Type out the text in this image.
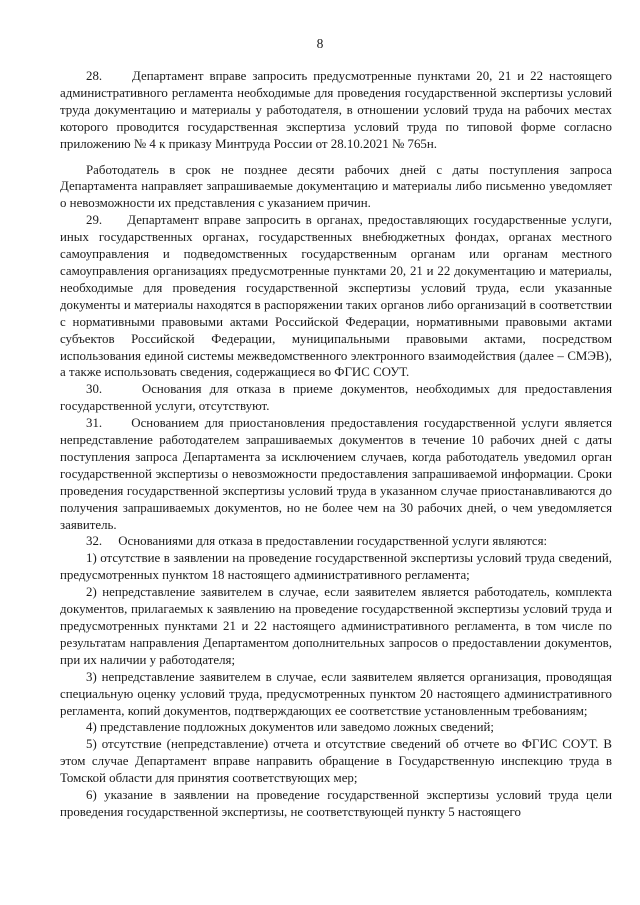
8

28.     Департамент вправе запросить предусмотренные пунктами 20, 21 и 22 настоящего административного регламента необходимые для проведения государственной экспертизы условий труда документацию и материалы у работодателя, в отношении условий труда на рабочих местах которого проводится государственная экспертиза условий труда по типовой форме согласно приложению № 4 к приказу Минтруда России от 28.10.2021 № 765н.

Работодатель в срок не позднее десяти рабочих дней с даты поступления запроса Департамента направляет запрашиваемые документацию и материалы либо письменно уведомляет о невозможности их представления с указанием причин.

29.     Департамент вправе запросить в органах, предоставляющих государственные услуги, иных государственных органах, государственных внебюджетных фондах, органах местного самоуправления и подведомственных государственным органам или органам местного самоуправления организациях предусмотренные пунктами 20, 21 и 22 документацию и материалы, необходимые для проведения государственной экспертизы условий труда, если указанные документы и материалы находятся в распоряжении таких органов либо организаций в соответствии с нормативными правовыми актами Российской Федерации, нормативными правовыми актами субъектов Российской Федерации, муниципальными правовыми актами, посредством использования единой системы межведомственного электронного взаимодействия (далее – СМЭВ), а также использовать сведения, содержащиеся во ФГИС СОУТ.

30.     Основания для отказа в приеме документов, необходимых для предоставления государственной услуги, отсутствуют.

31.     Основанием для приостановления предоставления государственной услуги является непредставление работодателем запрашиваемых документов в течение 10 рабочих дней с даты поступления запроса Департамента за исключением случаев, когда работодатель уведомил орган государственной экспертизы о невозможности предоставления запрашиваемой информации. Сроки проведения государственной экспертизы условий труда в указанном случае приостанавливаются до получения запрашиваемых документов, но не более чем на 30 рабочих дней, о чем уведомляется заявитель.

32.     Основаниями для отказа в предоставлении государственной услуги являются:

1) отсутствие в заявлении на проведение государственной экспертизы условий труда сведений, предусмотренных пунктом 18 настоящего административного регламента;

2) непредставление заявителем в случае, если заявителем является работодатель, комплекта документов, прилагаемых к заявлению на проведение государственной экспертизы условий труда и предусмотренных пунктами 21 и 22 настоящего административного регламента, в том числе по результатам направления Департаментом дополнительных запросов о предоставлении документов, при их наличии у работодателя;

3) непредставление заявителем в случае, если заявителем является организация, проводящая специальную оценку условий труда, предусмотренных пунктом 20 настоящего административного регламента, копий документов, подтверждающих ее соответствие установленным требованиям;

4) представление подложных документов или заведомо ложных сведений;

5) отсутствие (непредставление) отчета и отсутствие сведений об отчете во ФГИС СОУТ. В этом случае Департамент вправе направить обращение в Государственную инспекцию труда в Томской области для принятия соответствующих мер;

6) указание в заявлении на проведение государственной экспертизы условий труда цели проведения государственной экспертизы, не соответствующей пункту 5 настоящего
